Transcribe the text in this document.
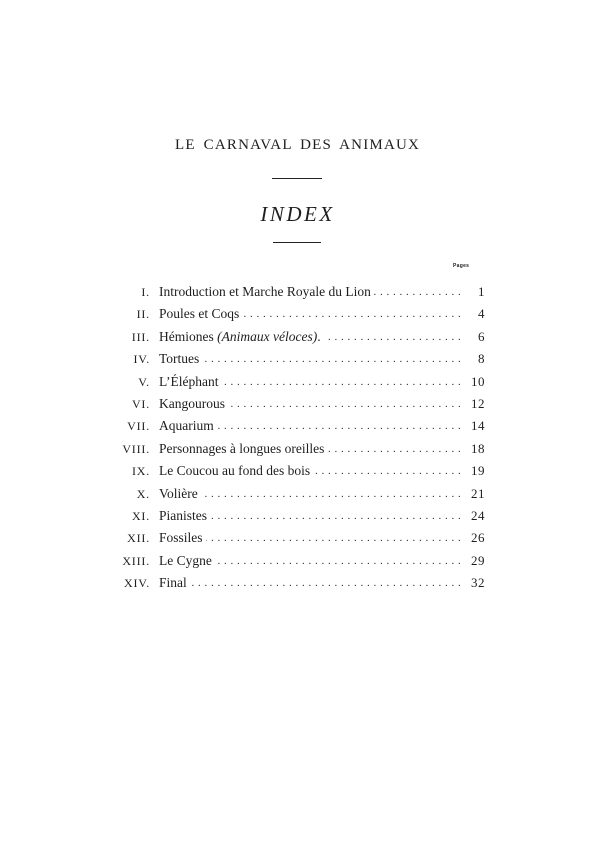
LE CARNAVAL DES ANIMAUX
INDEX
Pages
I. Introduction et Marche Royale du Lion . . .	1
II. Poules et Coqs . . .	4
III. Hémiones (Animaux véloces). . . .	6
IV. Tortues . . .	8
V. L’Éléphant . . .	10
VI. Kangourous . . .	12
VII. Aquarium . . .	14
VIII. Personnages à longues oreilles . . .	18
IX. Le Coucou au fond des bois . . .	19
X. Volière . . .	21
XI. Pianistes . . .	24
XII. Fossiles . . .	26
XIII. Le Cygne . . .	29
XIV. Final . . .	32
